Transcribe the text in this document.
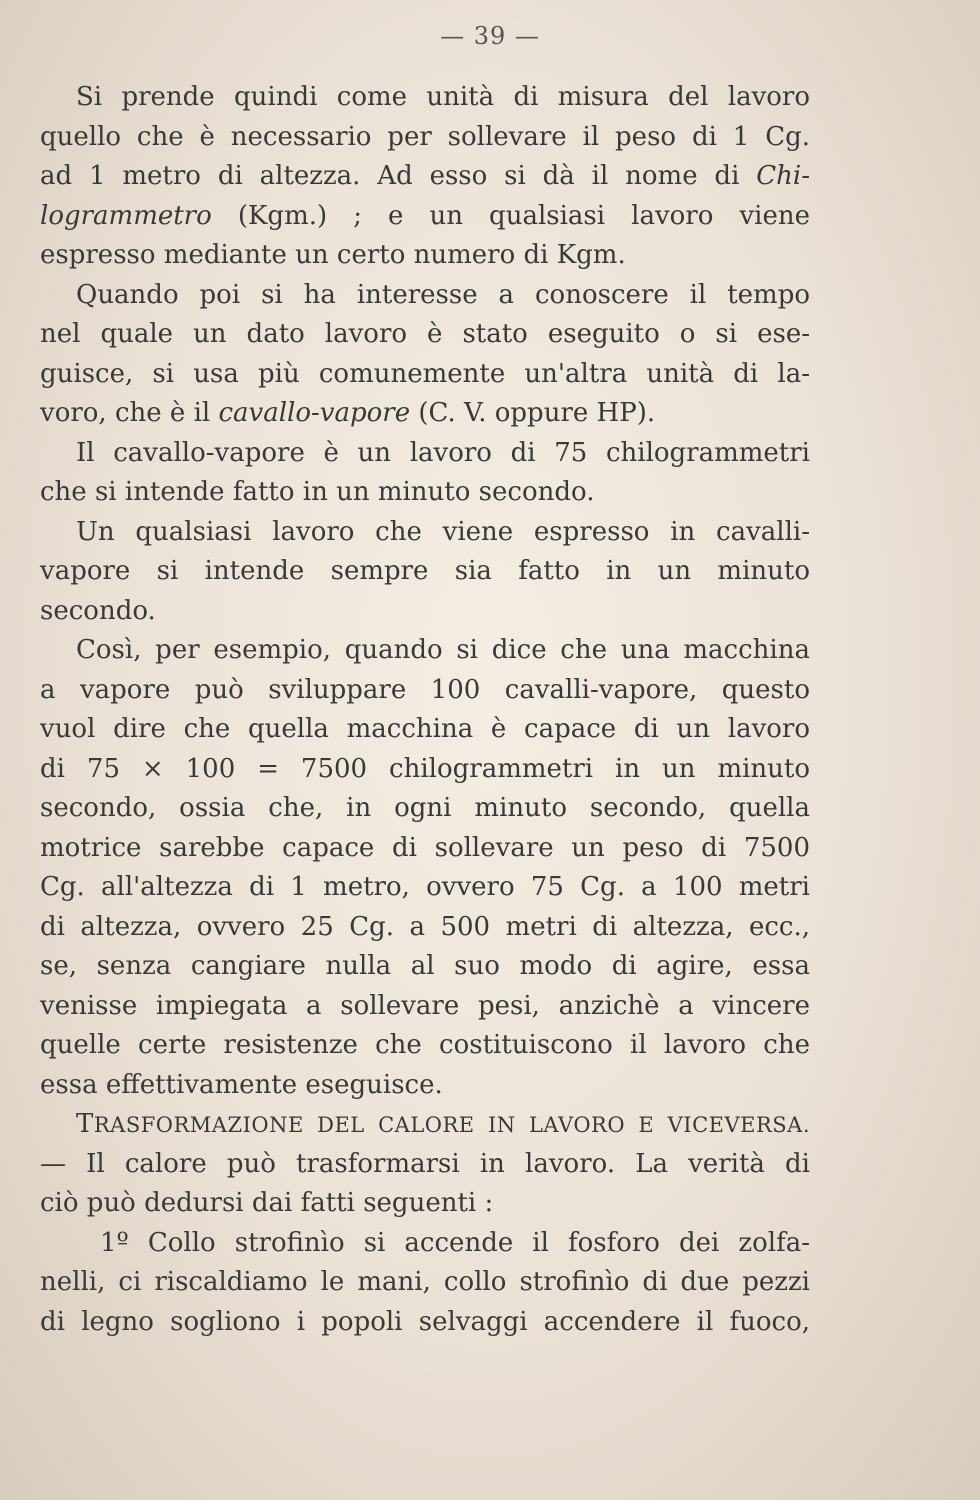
— 39 —
Si prende quindi come unità di misura del lavoro
quello che è necessario per sollevare il peso di 1 Cg.
ad 1 metro di altezza. Ad esso si dà il nome di Chi-
logrammetro (Kgm.) ; e un qualsiasi lavoro viene
espresso mediante un certo numero di Kgm.
Quando poi si ha interesse a conoscere il tempo
nel quale un dato lavoro è stato eseguito o si ese-
guisce, si usa più comunemente un'altra unità di la-
voro, che è il cavallo-vapore (C. V. oppure HP).
Il cavallo-vapore è un lavoro di 75 chilogrammetri
che si intende fatto in un minuto secondo.
Un qualsiasi lavoro che viene espresso in cavalli-
vapore si intende sempre sia fatto in un minuto
secondo.
Così, per esempio, quando si dice che una macchina
a vapore può sviluppare 100 cavalli-vapore, questo
vuol dire che quella macchina è capace di un lavoro
di 75 × 100 = 7500 chilogrammetri in un minuto
secondo, ossia che, in ogni minuto secondo, quella
motrice sarebbe capace di sollevare un peso di 7500
Cg. all'altezza di 1 metro, ovvero 75 Cg. a 100 metri
di altezza, ovvero 25 Cg. a 500 metri di altezza, ecc.,
se, senza cangiare nulla al suo modo di agire, essa
venisse impiegata a sollevare pesi, anzichè a vincere
quelle certe resistenze che costituiscono il lavoro che
essa effettivamente eseguisce.
TRASFORMAZIONE DEL CALORE IN LAVORO E VICEVERSA.
— Il calore può trasformarsi in lavoro. La verità di
ciò può dedursi dai fatti seguenti :
1º Collo strofinìo si accende il fosforo dei zolfa-
nelli, ci riscaldiamo le mani, collo strofinìo di due pezzi
di legno sogliono i popoli selvaggi accendere il fuoco,
